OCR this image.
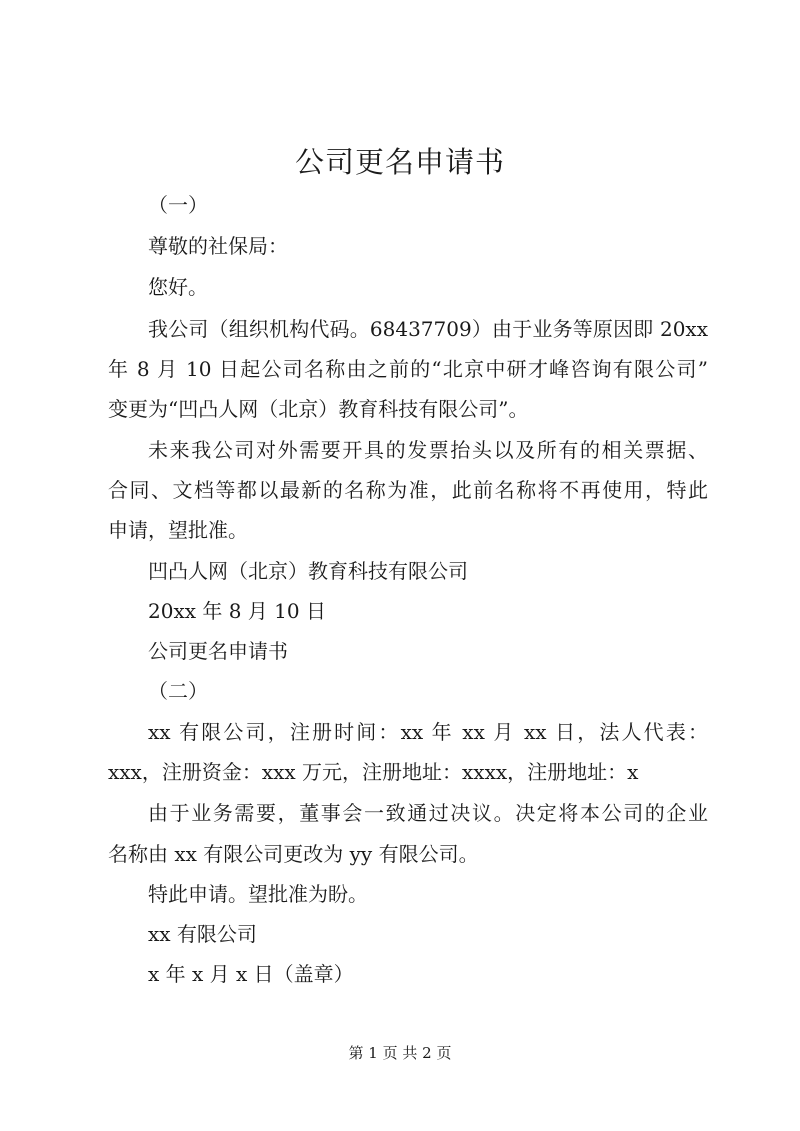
公司更名申请书
（一）
尊敬的社保局：
您好。
我公司（组织机构代码。68437709）由于业务等原因即 20xx
年 8 月 10 日起公司名称由之前的“北京中研才峰咨询有限公司”
变更为“凹凸人网（北京）教育科技有限公司”。
未来我公司对外需要开具的发票抬头以及所有的相关票据、
合同、文档等都以最新的名称为准，此前名称将不再使用，特此
申请，望批准。
凹凸人网（北京）教育科技有限公司
20xx 年 8 月 10 日
公司更名申请书
（二）
xx 有限公司，注册时间：xx 年 xx 月 xx 日，法人代表：
xxx，注册资金：xxx 万元，注册地址：xxxx，注册地址：x
由于业务需要，董事会一致通过决议。决定将本公司的企业
名称由 xx 有限公司更改为 yy 有限公司。
特此申请。望批准为盼。
xx 有限公司
x 年 x 月 x 日（盖章）
第 1 页 共 2 页
